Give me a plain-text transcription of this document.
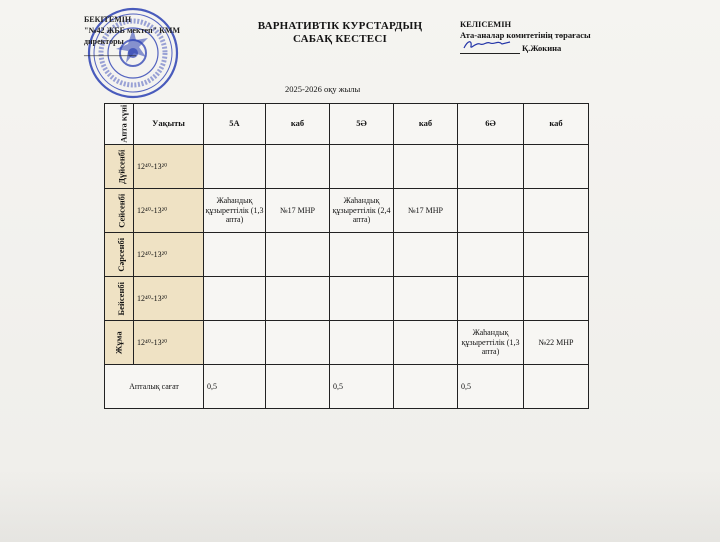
БЕКІТЕМІН
"№42 ЖББ мектеп" КММ
директоры
_____________
ВАРНАТИВТІК КУРСТАРДЫҢ
САБАҚ КЕСТЕСІ
КЕЛІСЕМІН
Ата-аналар комитетінің төрағасы
Қ.Жокина
2025-2026 оқу жылы
Апта күні	Уақыты	5А	каб	5Ә	каб	6Ә	каб
Дүйсенбі	12⁴⁰-13²⁰						
Сейсенбі	12⁴⁰-13²⁰	Жаһандық құзыреттілік (1,3 апта)	№17 МНР	Жаһандық құзыреттілік (2,4 апта)	№17 МНР		
Сәрсенбі	12⁴⁰-13²⁰						
Бейсенбі	12⁴⁰-13²⁰						
Жұма	12⁴⁰-13²⁰					Жаһандық құзыреттілік (1,3 апта)	№22 МНР
Апталық сағат		0,5		0,5		0,5	
